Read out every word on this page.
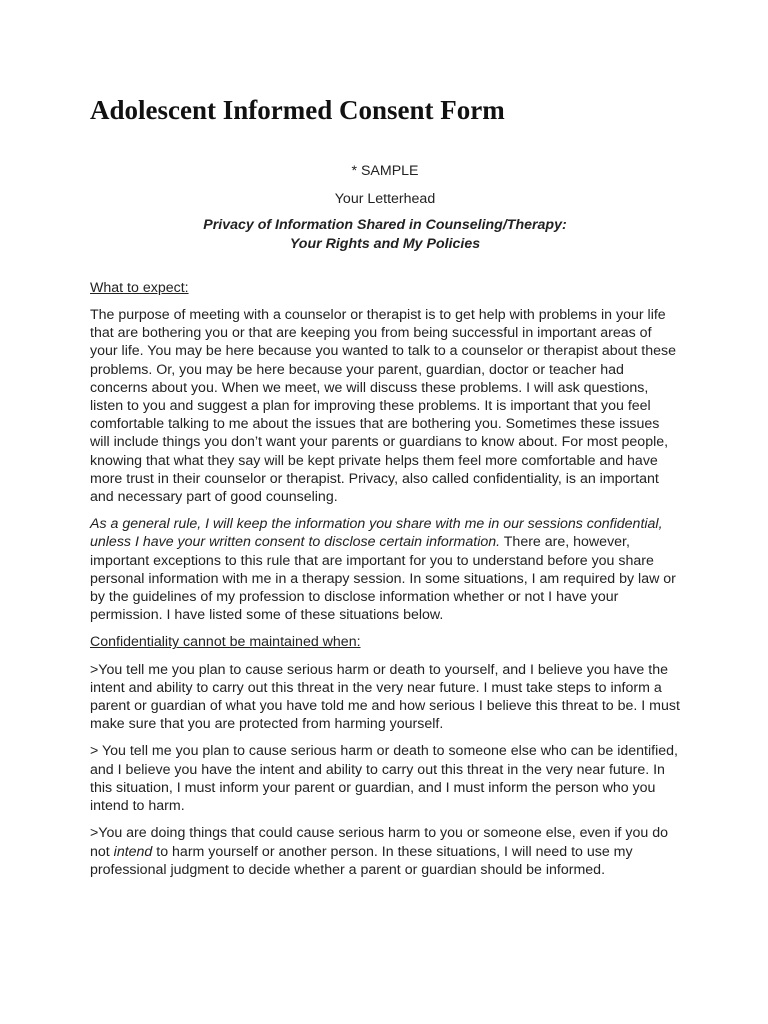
Adolescent Informed Consent Form

* SAMPLE

Your Letterhead

Privacy of Information Shared in Counseling/Therapy:
Your Rights and My Policies

What to expect:

The purpose of meeting with a counselor or therapist is to get help with problems in your life that are bothering you or that are keeping you from being successful in important areas of your life. You may be here because you wanted to talk to a counselor or therapist about these problems. Or, you may be here because your parent, guardian, doctor or teacher had concerns about you. When we meet, we will discuss these problems. I will ask questions, listen to you and suggest a plan for improving these problems. It is important that you feel comfortable talking to me about the issues that are bothering you. Sometimes these issues will include things you don’t want your parents or guardians to know about. For most people, knowing that what they say will be kept private helps them feel more comfortable and have more trust in their counselor or therapist. Privacy, also called confidentiality, is an important and necessary part of good counseling.

As a general rule, I will keep the information you share with me in our sessions confidential, unless I have your written consent to disclose certain information. There are, however, important exceptions to this rule that are important for you to understand before you share personal information with me in a therapy session. In some situations, I am required by law or by the guidelines of my profession to disclose information whether or not I have your permission. I have listed some of these situations below.

Confidentiality cannot be maintained when:

>You tell me you plan to cause serious harm or death to yourself, and I believe you have the intent and ability to carry out this threat in the very near future. I must take steps to inform a parent or guardian of what you have told me and how serious I believe this threat to be. I must make sure that you are protected from harming yourself.

> You tell me you plan to cause serious harm or death to someone else who can be identified, and I believe you have the intent and ability to carry out this threat in the very near future. In this situation, I must inform your parent or guardian, and I must inform the person who you intend to harm.

>You are doing things that could cause serious harm to you or someone else, even if you do not intend to harm yourself or another person. In these situations, I will need to use my professional judgment to decide whether a parent or guardian should be informed.
